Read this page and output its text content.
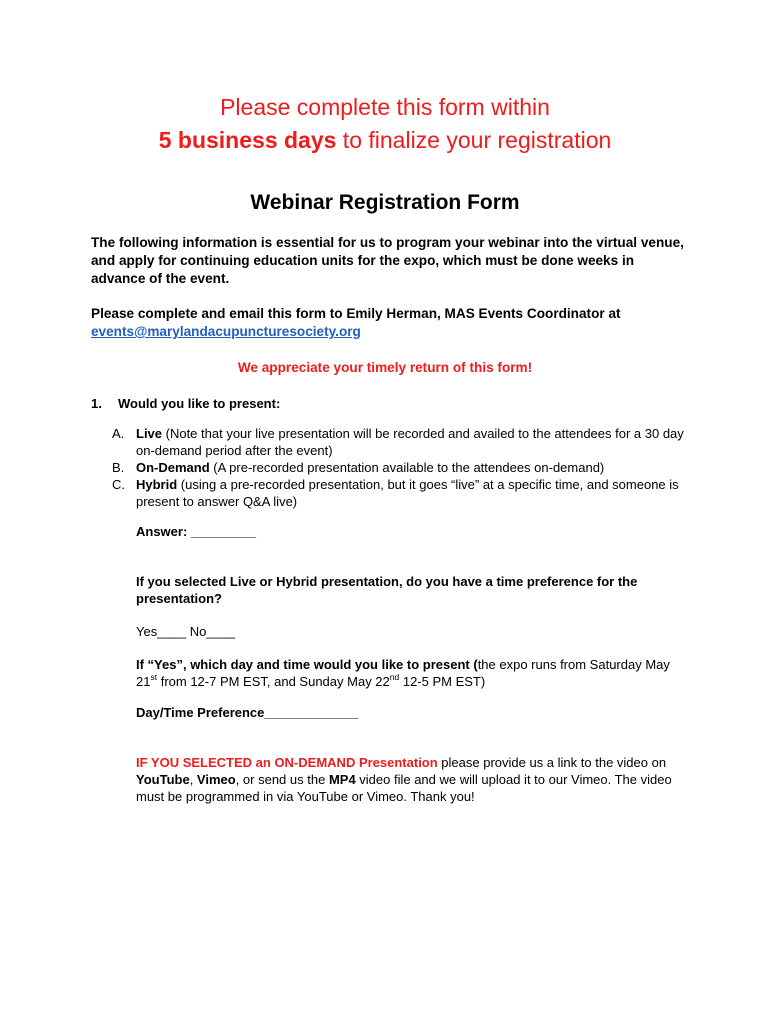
Please complete this form within
5 business days to finalize your registration
Webinar Registration Form
The following information is essential for us to program your webinar into the virtual venue, and apply for continuing education units for the expo, which must be done weeks in advance of the event.
Please complete and email this form to Emily Herman, MAS Events Coordinator at events@marylandacupuncturesociety.org
We appreciate your timely return of this form!
1. Would you like to present:
A. Live (Note that your live presentation will be recorded and availed to the attendees for a 30 day on-demand period after the event)
B. On-Demand (A pre-recorded presentation available to the attendees on-demand)
C. Hybrid (using a pre-recorded presentation, but it goes “live” at a specific time, and someone is present to answer Q&A live)
Answer: _________
If you selected Live or Hybrid presentation, do you have a time preference for the presentation?
Yes____ No____
If “Yes”, which day and time would you like to present (the expo runs from Saturday May 21st from 12-7 PM EST, and Sunday May 22nd 12-5 PM EST)
Day/Time Preference_____________
IF YOU SELECTED an ON-DEMAND Presentation please provide us a link to the video on YouTube, Vimeo, or send us the MP4 video file and we will upload it to our Vimeo. The video must be programmed in via YouTube or Vimeo. Thank you!
